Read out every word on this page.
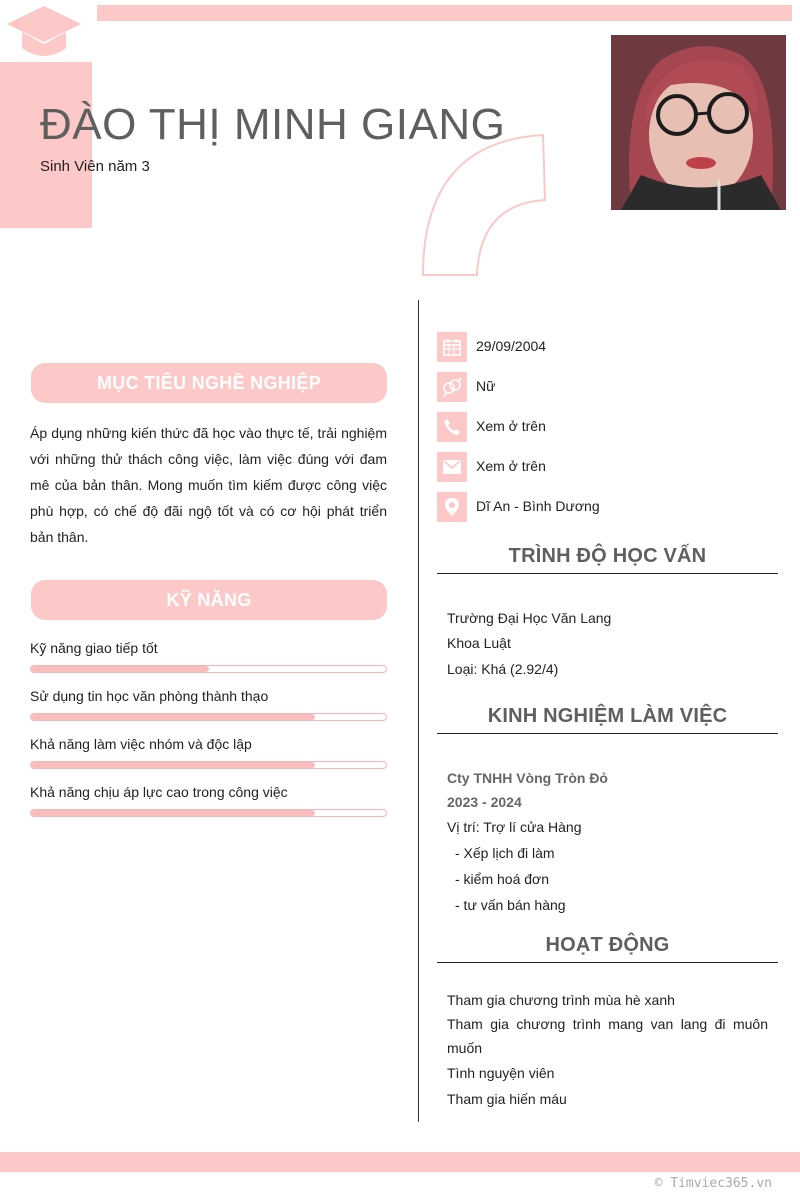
ĐÀO THỊ MINH GIANG
Sinh Viên năm 3
MỤC TIÊU NGHỀ NGHIỆP
Áp dụng những kiến thức đã học vào thực tế, trải nghiệm với những thử thách công việc, làm việc đúng với đam mê của bản thân. Mong muốn tìm kiếm được công việc phù hợp, có chế độ đãi ngộ tốt và có cơ hội phát triển bản thân.
KỸ NĂNG
Kỹ năng giao tiếp tốt
Sử dụng tin học văn phòng thành thạo
Khả năng làm việc nhóm và độc lập
Khả năng chịu áp lực cao trong công việc
29/09/2004
Nữ
Xem ở trên
Xem ở trên
Dĩ An - Bình Dương
TRÌNH ĐỘ HỌC VẤN
Trường Đại Học Văn Lang
Khoa Luật
Loại: Khá (2.92/4)
KINH NGHIỆM LÀM VIỆC
Cty TNHH Vòng Tròn Đỏ
2023 - 2024
Vị trí: Trợ lí cửa Hàng
- Xếp lịch đi làm
- kiểm hoá đơn
- tư vấn bán hàng
HOẠT ĐỘNG
Tham gia chương trình mùa hè xanh
Tham gia chương trình mang van lang đi muôn muốn
Tình nguyện viên
Tham gia hiến máu
© Timviec365.vn
